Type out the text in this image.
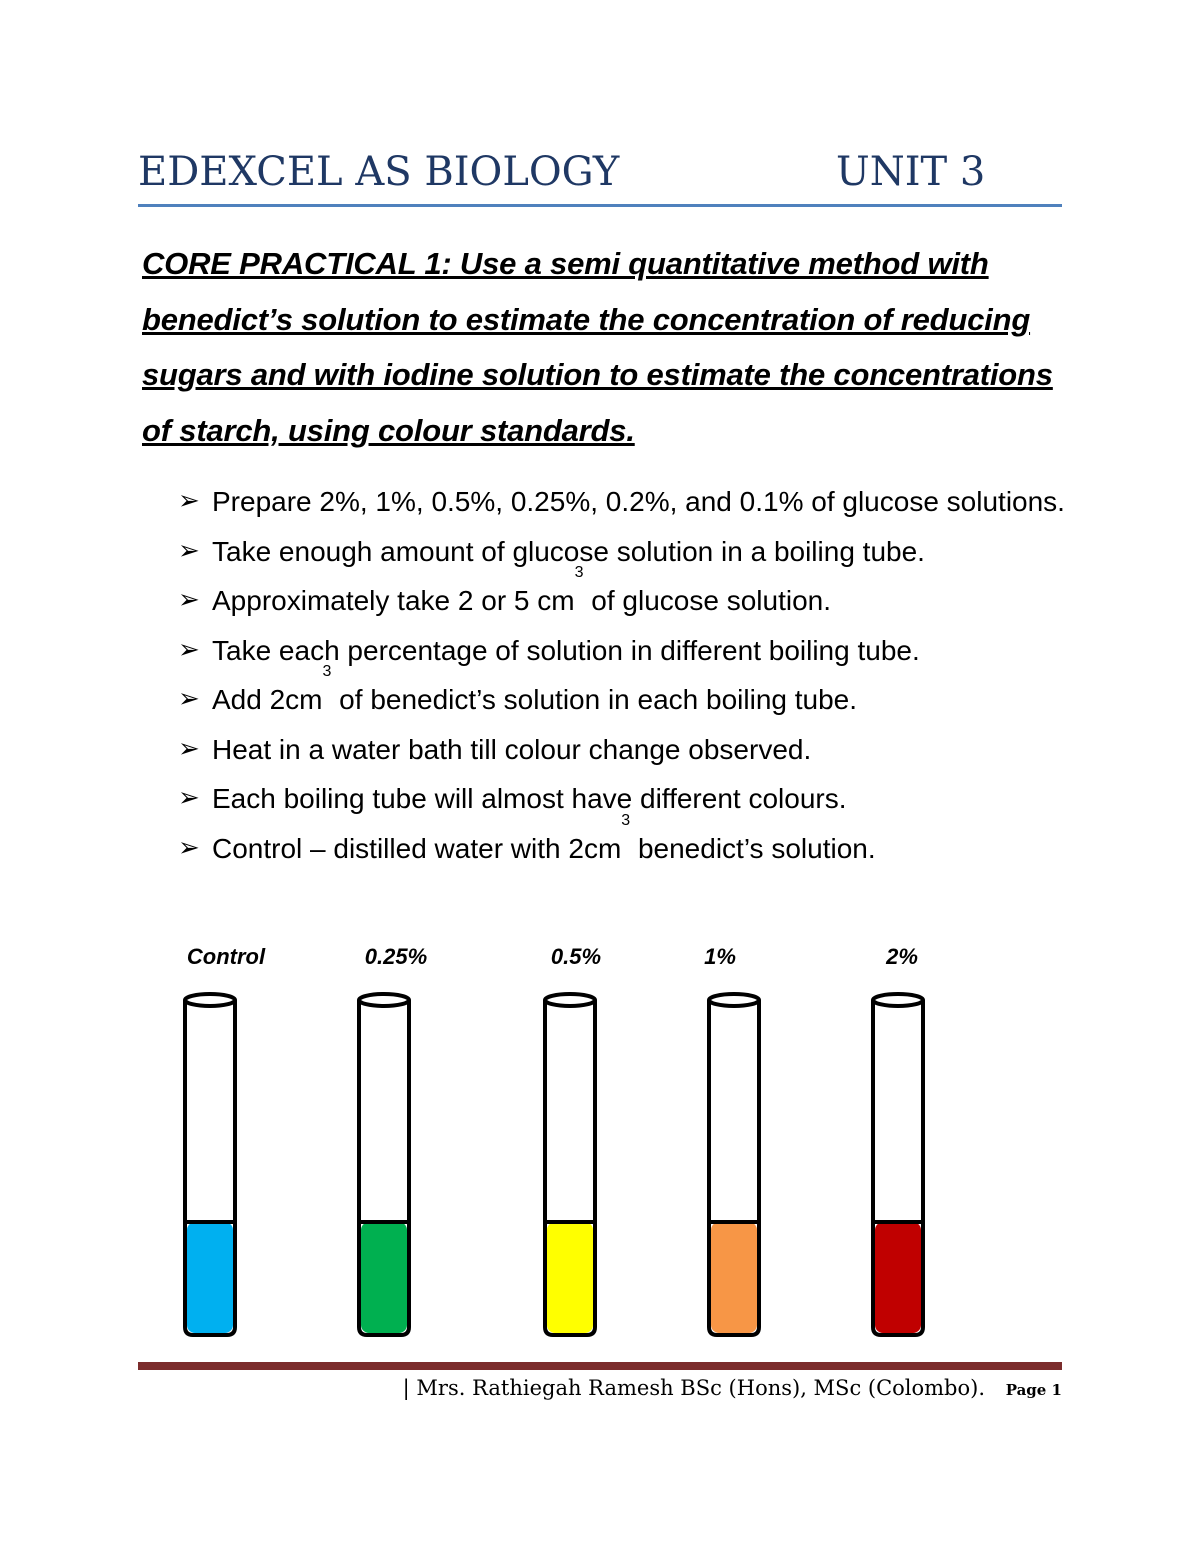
EDEXCEL AS BIOLOGY	UNIT 3

CORE PRACTICAL 1: Use a semi quantitative method with benedict’s solution to estimate the concentration of reducing sugars and with iodine solution to estimate the concentrations of starch, using colour standards.

➢ Prepare 2%, 1%, 0.5%, 0.25%, 0.2%, and 0.1% of glucose solutions.
➢ Take enough amount of glucose solution in a boiling tube.
➢ Approximately take 2 or 5 $cm^3$ of glucose solution.
➢ Take each percentage of solution in different boiling tube.
➢ Add $2cm^3$ of benedict’s solution in each boiling tube.
➢ Heat in a water bath till colour change observed.
➢ Each boiling tube will almost have different colours.
➢ Control – distilled water with $2cm^3$ benedict’s solution.
Control	0.25%	0.5%	1%	2%
| Mrs. Rathiegah Ramesh BSc (Hons), MSc (Colombo). Page 1
